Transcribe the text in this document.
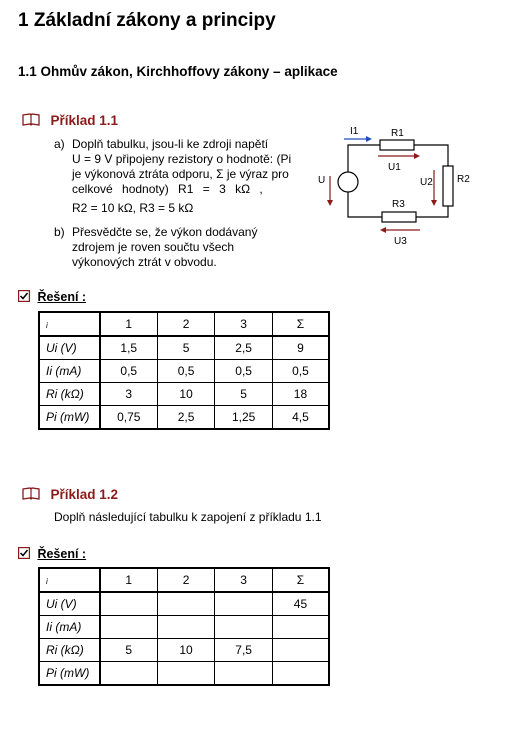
1 Základní zákony a principy
1.1 Ohmův zákon, Kirchhoffovy zákony – aplikace
Příklad 1.1
a) Doplň tabulku, jsou-li ke zdroji napětí
U = 9 V připojeny rezistory o hodnotě: (Pi
je výkonová ztráta odporu, Σ je výraz pro
celkové hodnoty) R1 = 3 kΩ ,
R2 = 10 kΩ, R3 = 5 kΩ
b) Přesvědčte se, že výkon dodávaný
zdrojem je roven součtu všech
výkonových ztrát v obvodu.
I1	R1
U1
U	U2 R2
R3
U3
Řešení :
i	1	2	3	Σ
Ui (V)	1,5	5	2,5	9
Ii (mA)	0,5	0,5	0,5	0,5
Ri (kΩ)	3	10	5	18
Pi (mW)	0,75	2,5	1,25	4,5
Příklad 1.2
Doplň následující tabulku k zapojení z příkladu 1.1
Řešení :
i	1	2	3	Σ
Ui (V)				45
Ii (mA)				
Ri (kΩ)	5	10	7,5	
Pi (mW)				
